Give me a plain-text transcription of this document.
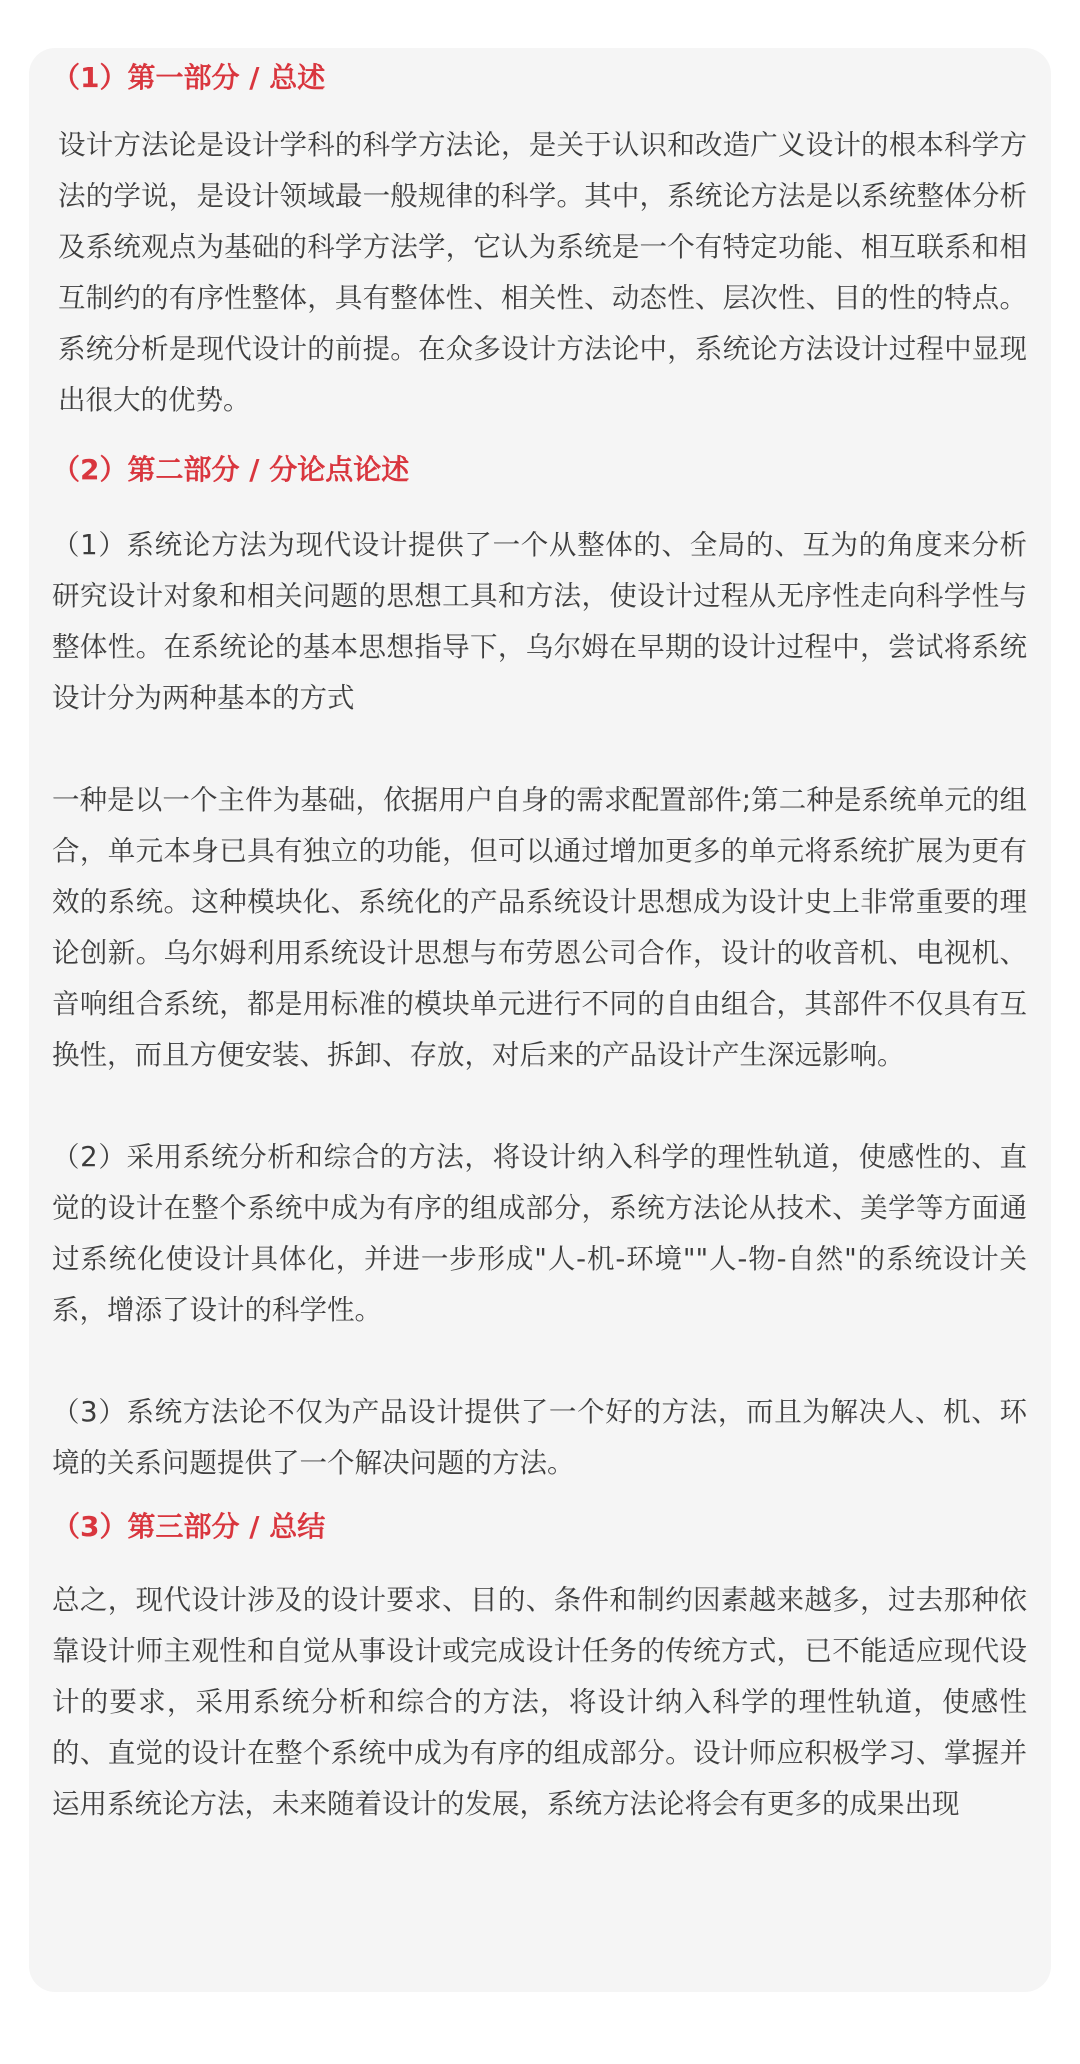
（1）第一部分 / 总述

设计方法论是设计学科的科学方法论，是关于认识和改造广义设计的根本科学方法的学说，是设计领域最一般规律的科学。其中，系统论方法是以系统整体分析及系统观点为基础的科学方法学，它认为系统是一个有特定功能、相互联系和相互制约的有序性整体，具有整体性、相关性、动态性、层次性、目的性的特点。系统分析是现代设计的前提。在众多设计方法论中，系统论方法设计过程中显现出很大的优势。

（2）第二部分 / 分论点论述

（1）系统论方法为现代设计提供了一个从整体的、全局的、互为的角度来分析研究设计对象和相关问题的思想工具和方法，使设计过程从无序性走向科学性与整体性。在系统论的基本思想指导下，乌尔姆在早期的设计过程中，尝试将系统设计分为两种基本的方式

一种是以一个主件为基础，依据用户自身的需求配置部件;第二种是系统单元的组合，单元本身已具有独立的功能，但可以通过增加更多的单元将系统扩展为更有效的系统。这种模块化、系统化的产品系统设计思想成为设计史上非常重要的理论创新。乌尔姆利用系统设计思想与布劳恩公司合作，设计的收音机、电视机、音响组合系统，都是用标准的模块单元进行不同的自由组合，其部件不仅具有互换性，而且方便安装、拆卸、存放，对后来的产品设计产生深远影响。

（2）采用系统分析和综合的方法，将设计纳入科学的理性轨道，使感性的、直觉的设计在整个系统中成为有序的组成部分，系统方法论从技术、美学等方面通过系统化使设计具体化，并进一步形成"人-机-环境""人-物-自然"的系统设计关系，增添了设计的科学性。

（3）系统方法论不仅为产品设计提供了一个好的方法，而且为解决人、机、环境的关系问题提供了一个解决问题的方法。

（3）第三部分 / 总结

总之，现代设计涉及的设计要求、目的、条件和制约因素越来越多，过去那种依靠设计师主观性和自觉从事设计或完成设计任务的传统方式，已不能适应现代设计的要求，采用系统分析和综合的方法，将设计纳入科学的理性轨道，使感性的、直觉的设计在整个系统中成为有序的组成部分。设计师应积极学习、掌握并运用系统论方法，未来随着设计的发展，系统方法论将会有更多的成果出现
